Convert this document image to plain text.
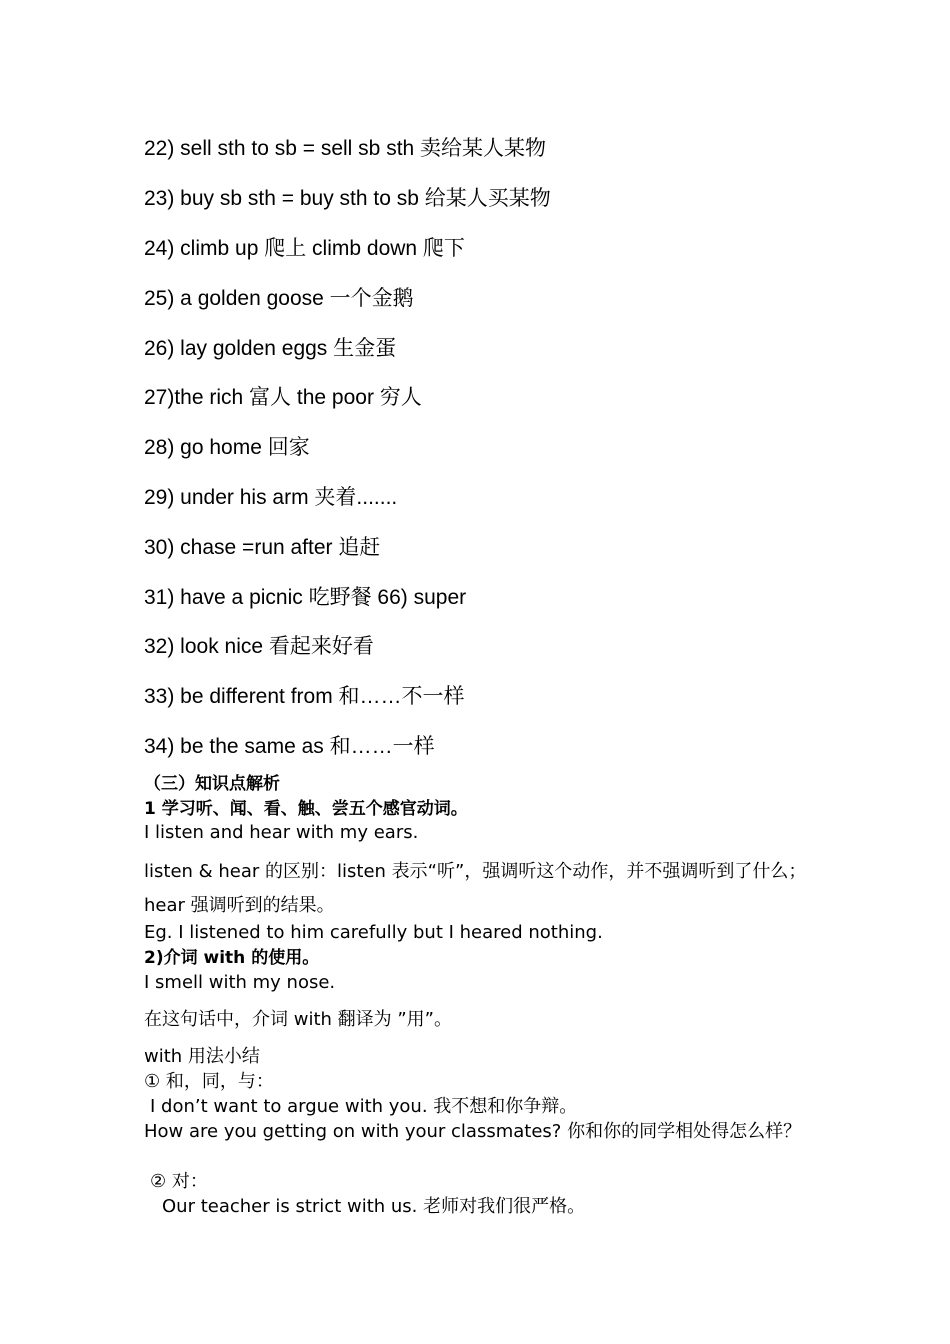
22) sell sth to sb = sell sb sth 卖给某人某物
23) buy sb sth = buy sth to sb 给某人买某物
24) climb up 爬上 climb down 爬下
25) a golden goose 一个金鹅
26) lay golden eggs 生金蛋
27)the rich 富人 the poor 穷人
28) go home 回家
29) under his arm 夹着.......
30) chase =run after 追赶
31) have a picnic 吃野餐 66) super
32) look nice 看起来好看
33) be different from 和……不一样
34) be the same as 和……一样
（三）知识点解析
1 学习听、闻、看、触、尝五个感官动词。
I listen and hear with my ears.
listen & hear 的区别：listen 表示“听”，强调听这个动作，并不强调听到了什么；hear 强调听到的结果。
Eg. I listened to him carefully but I heared nothing.
2)介词 with 的使用。
I smell with my nose.
在这句话中，介词 with 翻译为 ”用”。
with 用法小结
① 和，同，与：
I don’t want to argue with you. 我不想和你争辩。
How are you getting on with your classmates? 你和你的同学相处得怎么样？
② 对：
Our teacher is strict with us. 老师对我们很严格。
